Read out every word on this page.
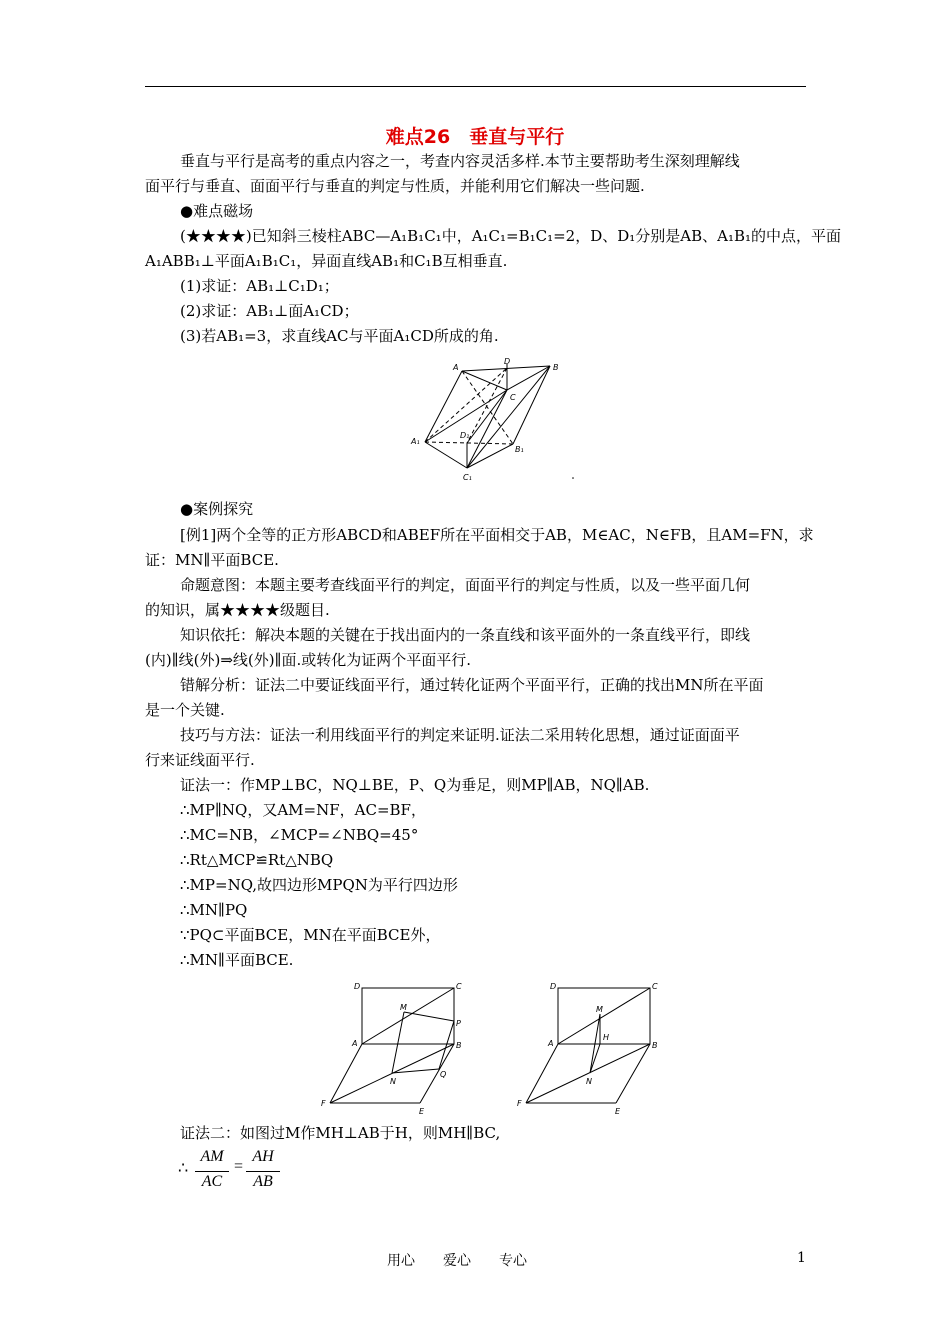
难点26　垂直与平行
垂直与平行是高考的重点内容之一，考查内容灵活多样.本节主要帮助考生深刻理解线
面平行与垂直、面面平行与垂直的判定与性质，并能利用它们解决一些问题.
●难点磁场
(★★★★)已知斜三棱柱ABC—A₁B₁C₁中，A₁C₁=B₁C₁=2，D、D₁分别是AB、A₁B₁的中点，平面
A₁ABB₁⊥平面A₁B₁C₁，异面直线AB₁和C₁B互相垂直.
(1)求证：AB₁⊥C₁D₁；
(2)求证：AB₁⊥面A₁CD；
(3)若AB₁=3，求直线AC与平面A₁CD所成的角.
A
D
B
C
A₁
D₁
B₁
C₁
●案例探究
[例1]两个全等的正方形ABCD和ABEF所在平面相交于AB，M∈AC，N∈FB，且AM=FN，求
证：MN∥平面BCE.
命题意图：本题主要考查线面平行的判定，面面平行的判定与性质，以及一些平面几何
的知识，属★★★★级题目.
知识依托：解决本题的关键在于找出面内的一条直线和该平面外的一条直线平行，即线
(内)∥线(外)⇒线(外)∥面.或转化为证两个平面平行.
错解分析：证法二中要证线面平行，通过转化证两个平面平行，正确的找出MN所在平面
是一个关键.
技巧与方法：证法一利用线面平行的判定来证明.证法二采用转化思想，通过证面面平
行来证线面平行.
证法一：作MP⊥BC，NQ⊥BE，P、Q为垂足，则MP∥AB，NQ∥AB.
∴MP∥NQ，又AM=NF，AC=BF，
∴MC=NB，∠MCP=∠NBQ=45°
∴Rt△MCP≌Rt△NBQ
∴MP=NQ,故四边形MPQN为平行四边形
∴MN∥PQ
∵PQ⊂平面BCE，MN在平面BCE外，
∴MN∥平面BCE.
D	C
M
P
A	B
N
Q
F
E
D	C
M
H
A	B
N
F
E
证法二：如图过M作MH⊥AB于H，则MH∥BC,
∴
AM
AC
=
AH
AB
用心　　爱心　　专心	1
